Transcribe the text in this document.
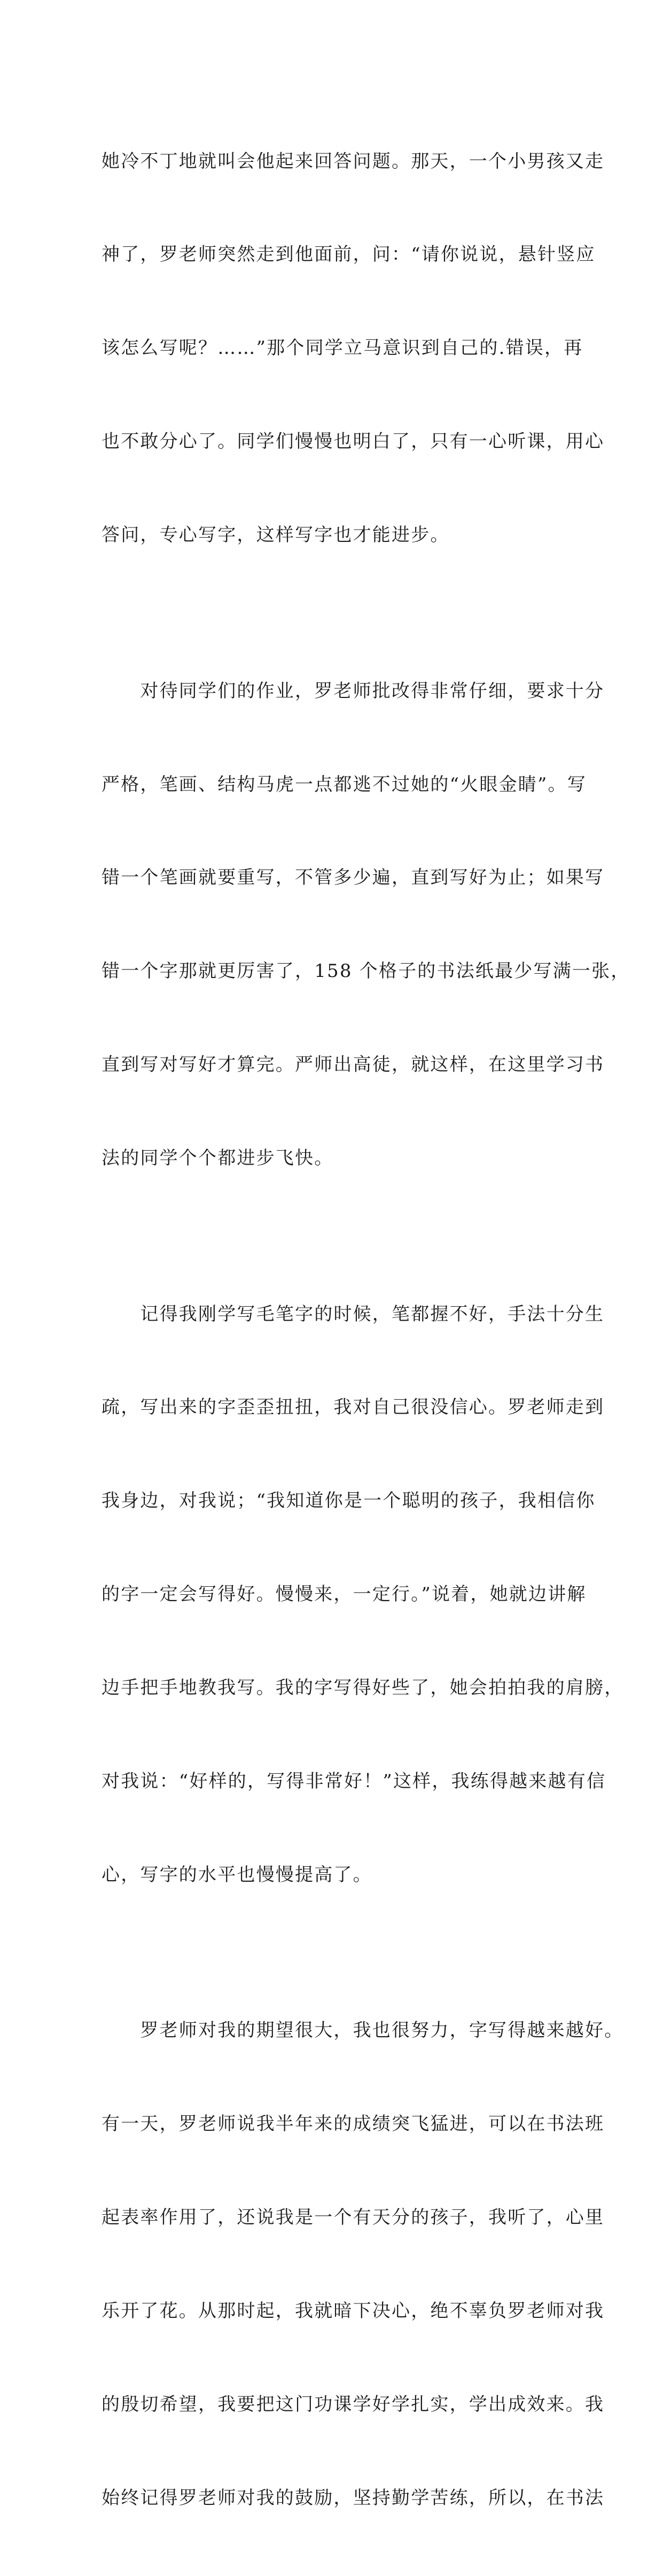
她冷不丁地就叫会他起来回答问题。那天，一个小男孩又走

神了，罗老师突然走到他面前，问：“请你说说，悬针竖应

该怎么写呢？……”那个同学立马意识到自己的.错误，再

也不敢分心了。同学们慢慢也明白了，只有一心听课，用心

答问，专心写字，这样写字也才能进步。

　　对待同学们的作业，罗老师批改得非常仔细，要求十分

严格，笔画、结构马虎一点都逃不过她的“火眼金睛”。写

错一个笔画就要重写，不管多少遍，直到写好为止；如果写

错一个字那就更厉害了，158 个格子的书法纸最少写满一张，

直到写对写好才算完。严师出高徒，就这样，在这里学习书

法的同学个个都进步飞快。

　　记得我刚学写毛笔字的时候，笔都握不好，手法十分生

疏，写出来的字歪歪扭扭，我对自己很没信心。罗老师走到

我身边，对我说；“我知道你是一个聪明的孩子，我相信你

的字一定会写得好。慢慢来，一定行。”说着，她就边讲解

边手把手地教我写。我的字写得好些了，她会拍拍我的肩膀，

对我说：“好样的，写得非常好！”这样，我练得越来越有信

心，写字的水平也慢慢提高了。

　　罗老师对我的期望很大，我也很努力，字写得越来越好。

有一天，罗老师说我半年来的成绩突飞猛进，可以在书法班

起表率作用了，还说我是一个有天分的孩子，我听了，心里

乐开了花。从那时起，我就暗下决心，绝不辜负罗老师对我

的殷切希望，我要把这门功课学好学扎实，学出成效来。我

始终记得罗老师对我的鼓励，坚持勤学苦练，所以，在书法
